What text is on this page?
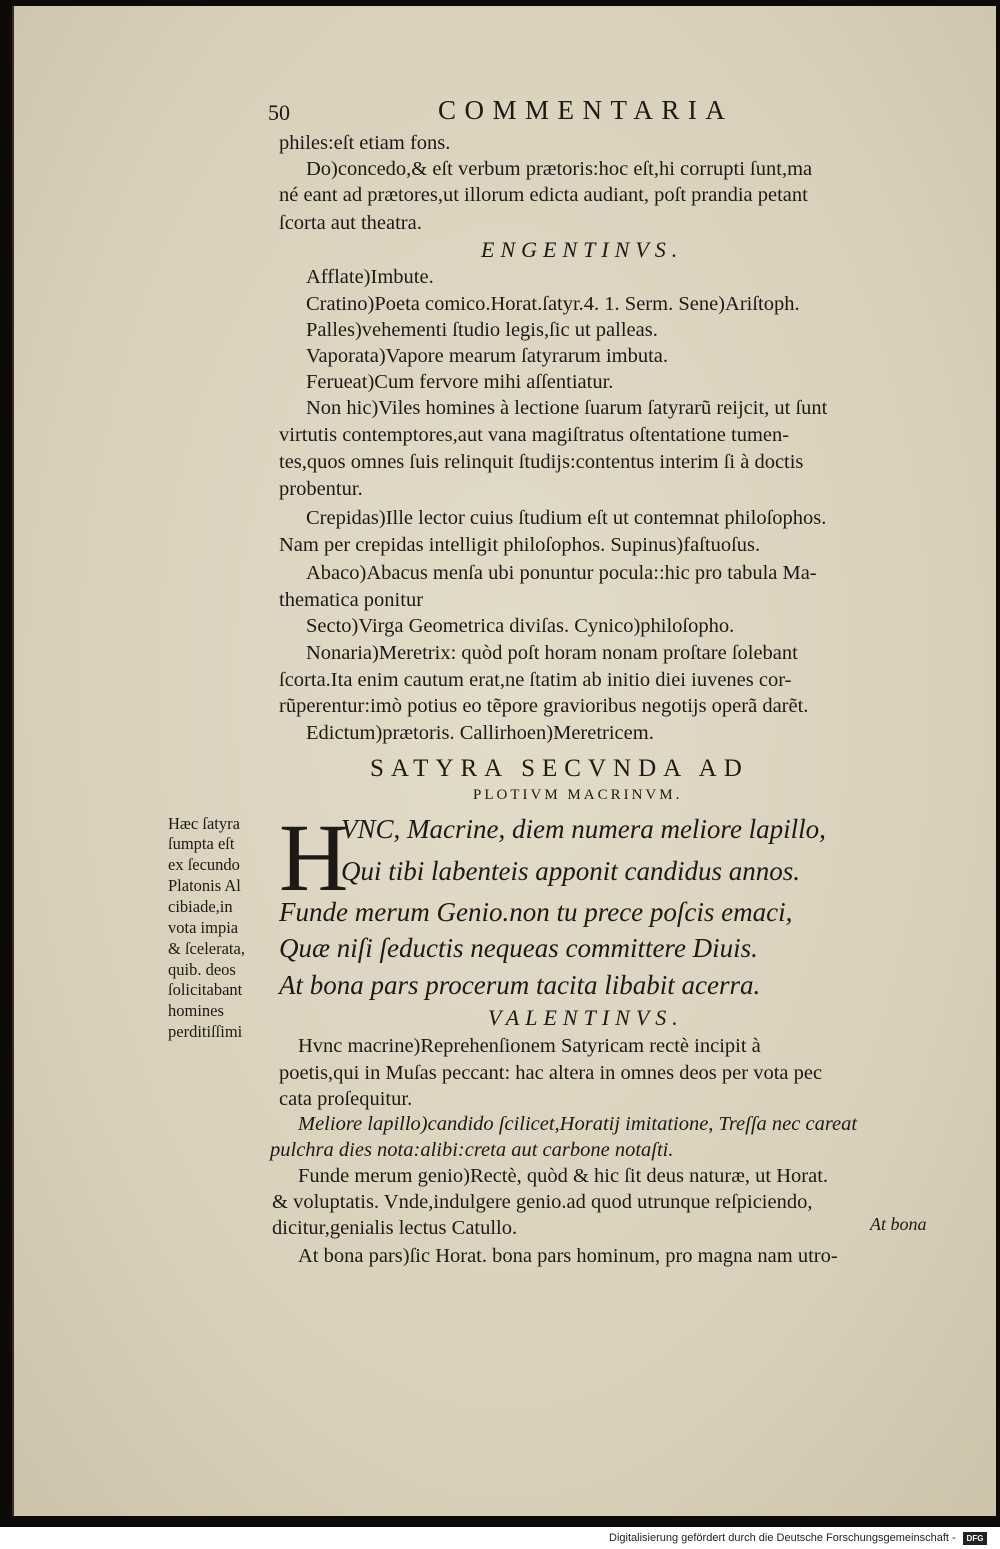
50	COMMENTARIA
philes:eſt etiam fons.
Do)concedo,& eſt verbum prætoris:hoc eſt,hi corrupti ſunt,ma
né eant ad prætores,ut illorum edicta audiant, poſt prandia petant
ſcorta aut theatra.
ENGENTINVS.
Afflate)Imbute.
Cratino)Poeta comico.Horat.ſatyr.4. 1. Serm. Sene)Ariſtoph.
Palles)vehementi ſtudio legis,ſic ut palleas.
Vaporata)Vapore mearum ſatyrarum imbuta.
Ferueat)Cum fervore mihi aſſentiatur.
Non hic)Viles homines à lectione ſuarum ſatyrarũ reijcit, ut ſunt
virtutis contemptores,aut vana magiſtratus oſtentatione tumen-
tes,quos omnes ſuis relinquit ſtudijs:contentus interim ſi à doctis
probentur.
Crepidas)Ille lector cuius ſtudium eſt ut contemnat philoſophos.
Nam per crepidas intelligit philoſophos. Supinus)faſtuoſus.
Abaco)Abacus menſa ubi ponuntur pocula::hic pro tabula Ma-
thematica ponitur
Secto)Virga Geometrica diviſas. Cynico)philoſopho.
Nonaria)Meretrix: quòd poſt horam nonam proſtare ſolebant
ſcorta.Ita enim cautum erat,ne ſtatim ab initio diei iuvenes cor-
rũperentur:imò potius eo tẽpore gravioribus negotijs operã darẽt.
Edictum)prætoris. Callirhoen)Meretricem.
SATYRA SECVNDA AD
PLOTIVM MACRINVM.
Hæc ſatyra
ſumpta eſt
ex ſecundo
Platonis Al
cibiade,in
vota impia
& ſcelerata,
quib. deos
ſolicitabant
homines
perditiſſimi
H
VNC, Macrine, diem numera meliore lapillo,
Qui tibi labenteis apponit candidus annos.
Funde merum Genio.non tu prece poſcis emaci,
Quæ niſi ſeductis nequeas committere Diuis.
At bona pars procerum tacita libabit acerra.
VALENTINVS.
Hvnc macrine)Reprehenſionem Satyricam rectè incipit à
poetis,qui in Muſas peccant: hac altera in omnes deos per vota pec
cata proſequitur.
Meliore lapillo)candido ſcilicet,Horatij imitatione, Treſſa nec careat
pulchra dies nota:alibi:creta aut carbone notaſti.
Funde merum genio)Rectè, quòd & hic ſit deus naturæ, ut Horat.
& voluptatis. Vnde,indulgere genio.ad quod utrunque reſpiciendo,
dicitur,genialis lectus Catullo.	At bona
At bona pars)ſic Horat. bona pars hominum, pro magna nam utro-
Digitalisierung gefördert durch die Deutsche Forschungsgemeinschaft -	DFG
